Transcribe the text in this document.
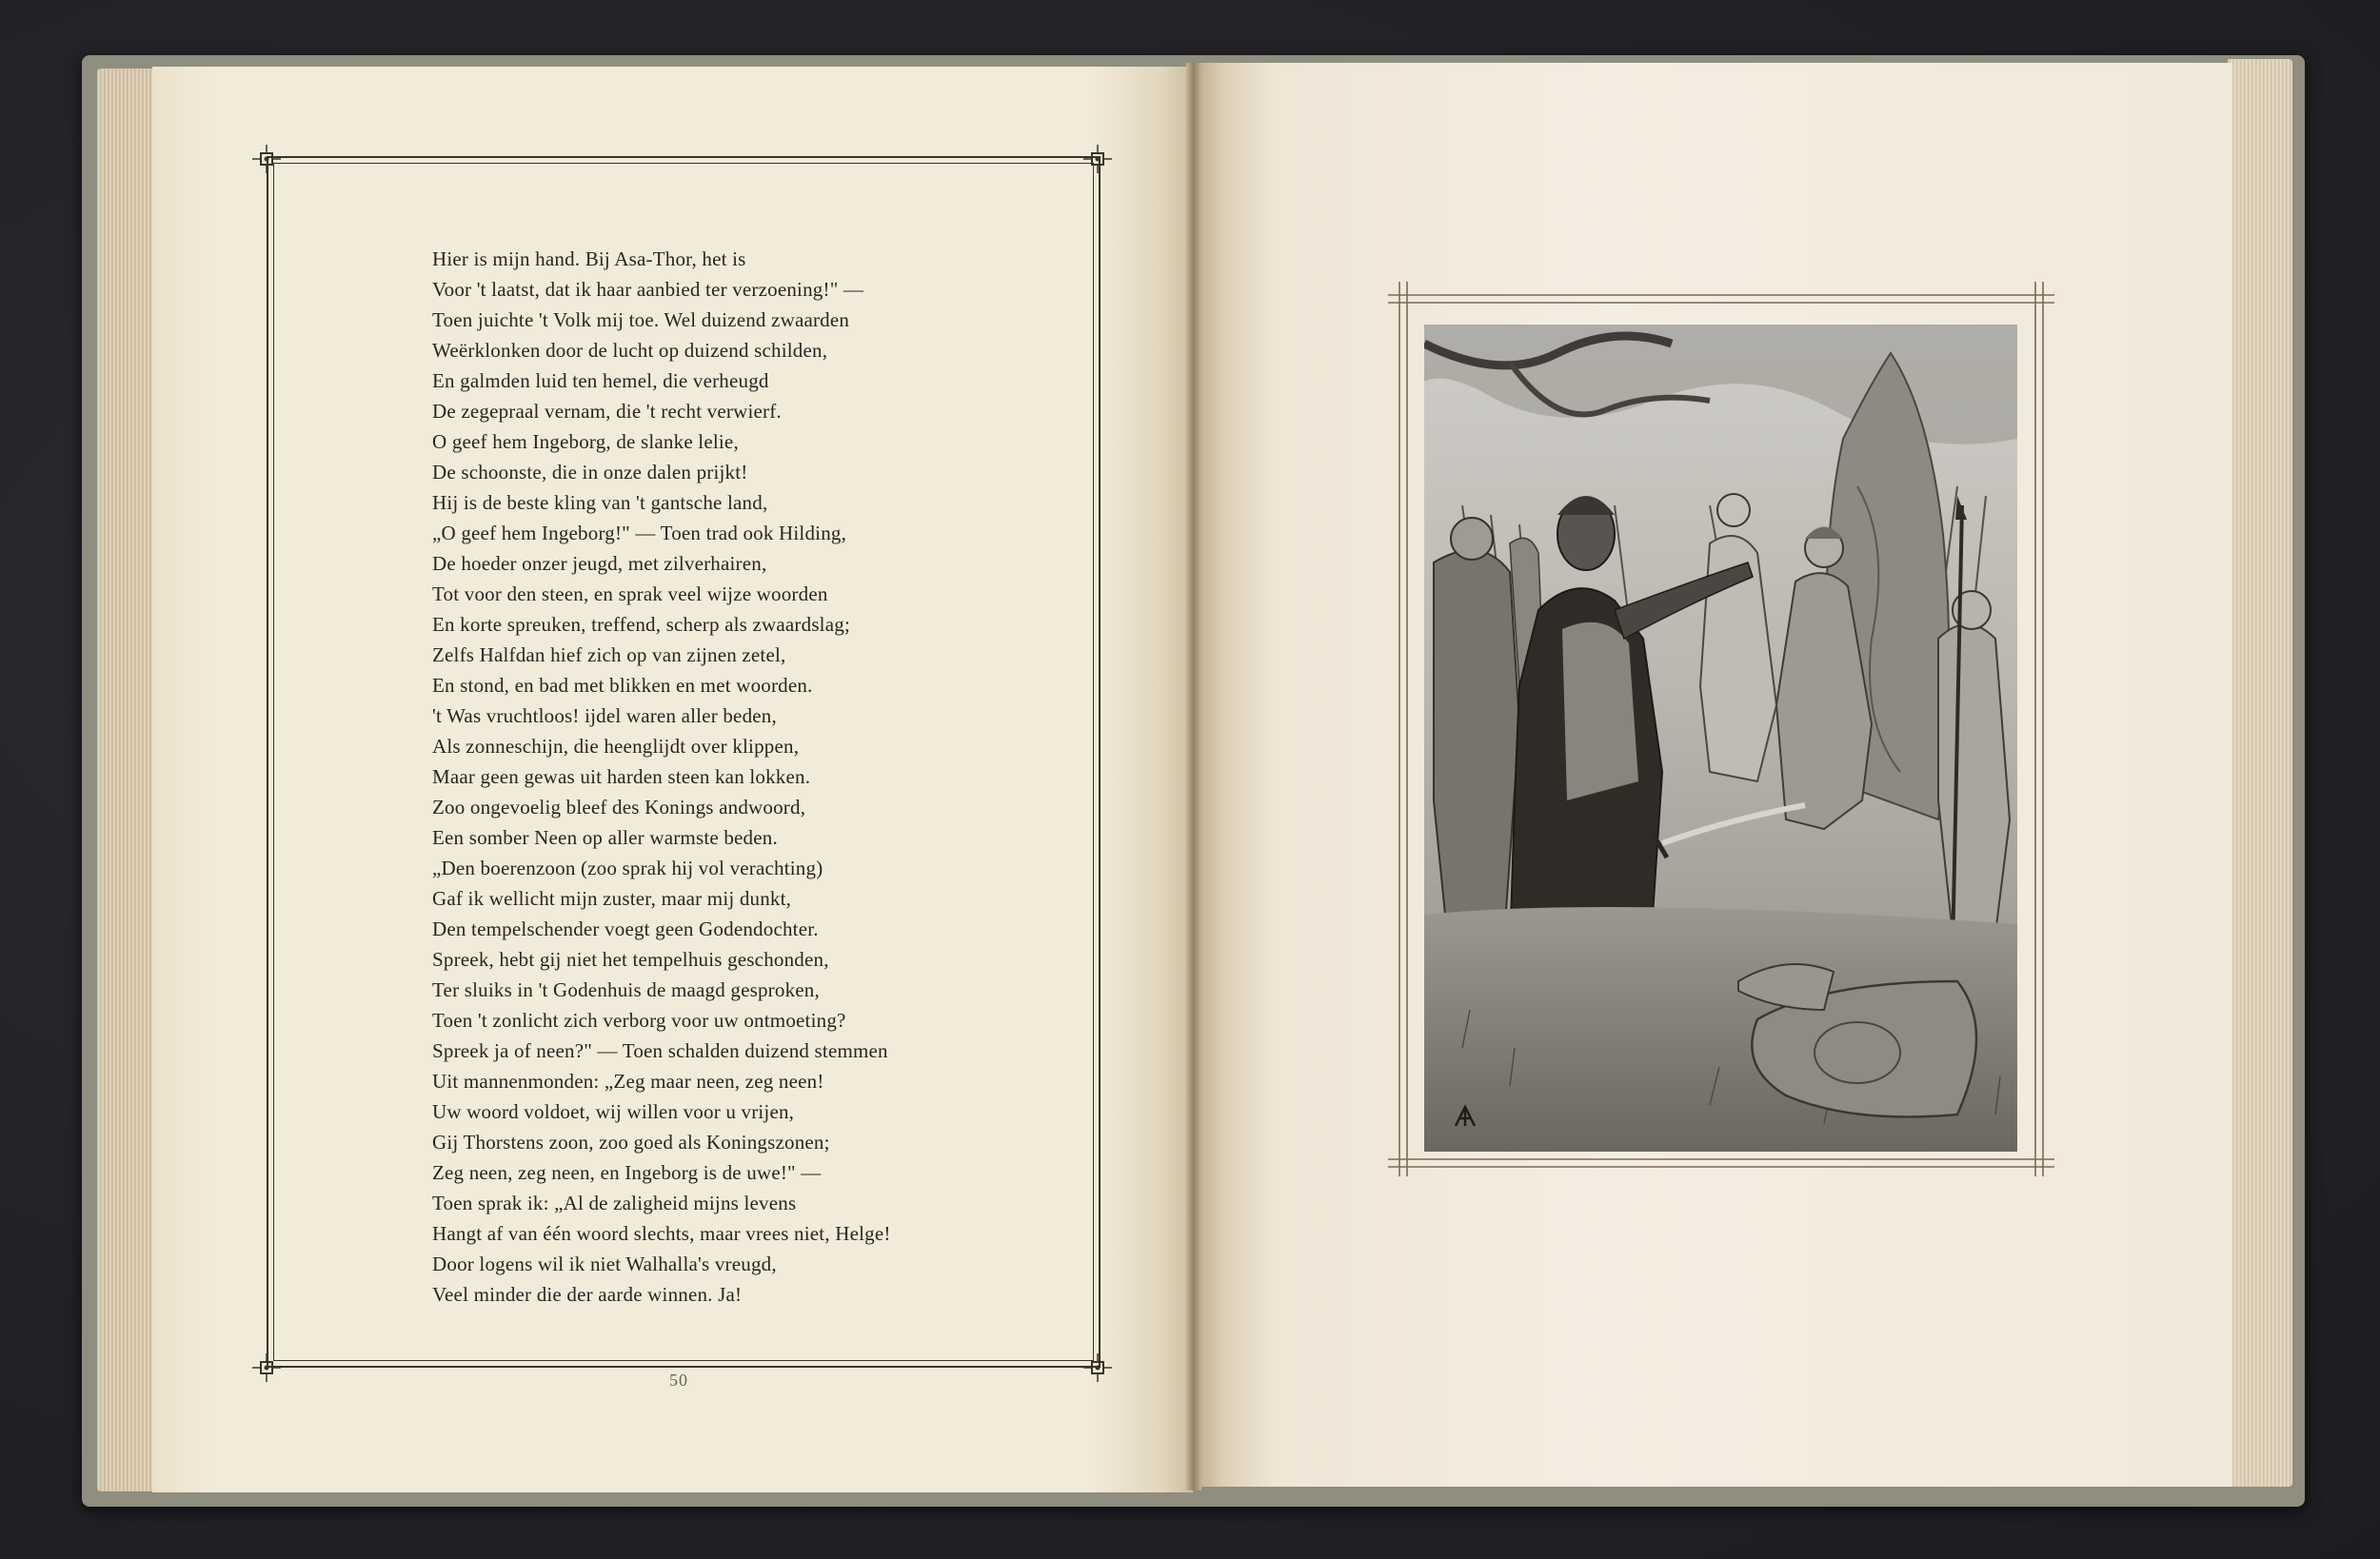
Hier is mijn hand. Bij Asa-Thor, het is
Voor 't laatst, dat ik haar aanbied ter verzoening!" —
Toen juichte 't Volk mij toe. Wel duizend zwaarden
Weërklonken door de lucht op duizend schilden,
En galmden luid ten hemel, die verheugd
De zegepraal vernam, die 't recht verwierf.
O geef hem Ingeborg, de slanke lelie,
De schoonste, die in onze dalen prijkt!
Hij is de beste kling van 't gantsche land,
„O geef hem Ingeborg!" — Toen trad ook Hilding,
De hoeder onzer jeugd, met zilverhairen,
Tot voor den steen, en sprak veel wijze woorden
En korte spreuken, treffend, scherp als zwaardslag;
Zelfs Halfdan hief zich op van zijnen zetel,
En stond, en bad met blikken en met woorden.
't Was vruchtloos! ijdel waren aller beden,
Als zonneschijn, die heenglijdt over klippen,
Maar geen gewas uit harden steen kan lokken.
Zoo ongevoelig bleef des Konings andwoord,
Een somber Neen op aller warmste beden.
„Den boerenzoon (zoo sprak hij vol verachting)
Gaf ik wellicht mijn zuster, maar mij dunkt,
Den tempelschender voegt geen Godendochter.
Spreek, hebt gij niet het tempelhuis geschonden,
Ter sluiks in 't Godenhuis de maagd gesproken,
Toen 't zonlicht zich verborg voor uw ontmoeting?
Spreek ja of neen?" — Toen schalden duizend stemmen
Uit mannenmonden: „Zeg maar neen, zeg neen!
Uw woord voldoet, wij willen voor u vrijen,
Gij Thorstens zoon, zoo goed als Koningszonen;
Zeg neen, zeg neen, en Ingeborg is de uwe!" —
Toen sprak ik: „Al de zaligheid mijns levens
Hangt af van één woord slechts, maar vrees niet, Helge!
Door logens wil ik niet Walhalla's vreugd,
Veel minder die der aarde winnen. Ja!
50
